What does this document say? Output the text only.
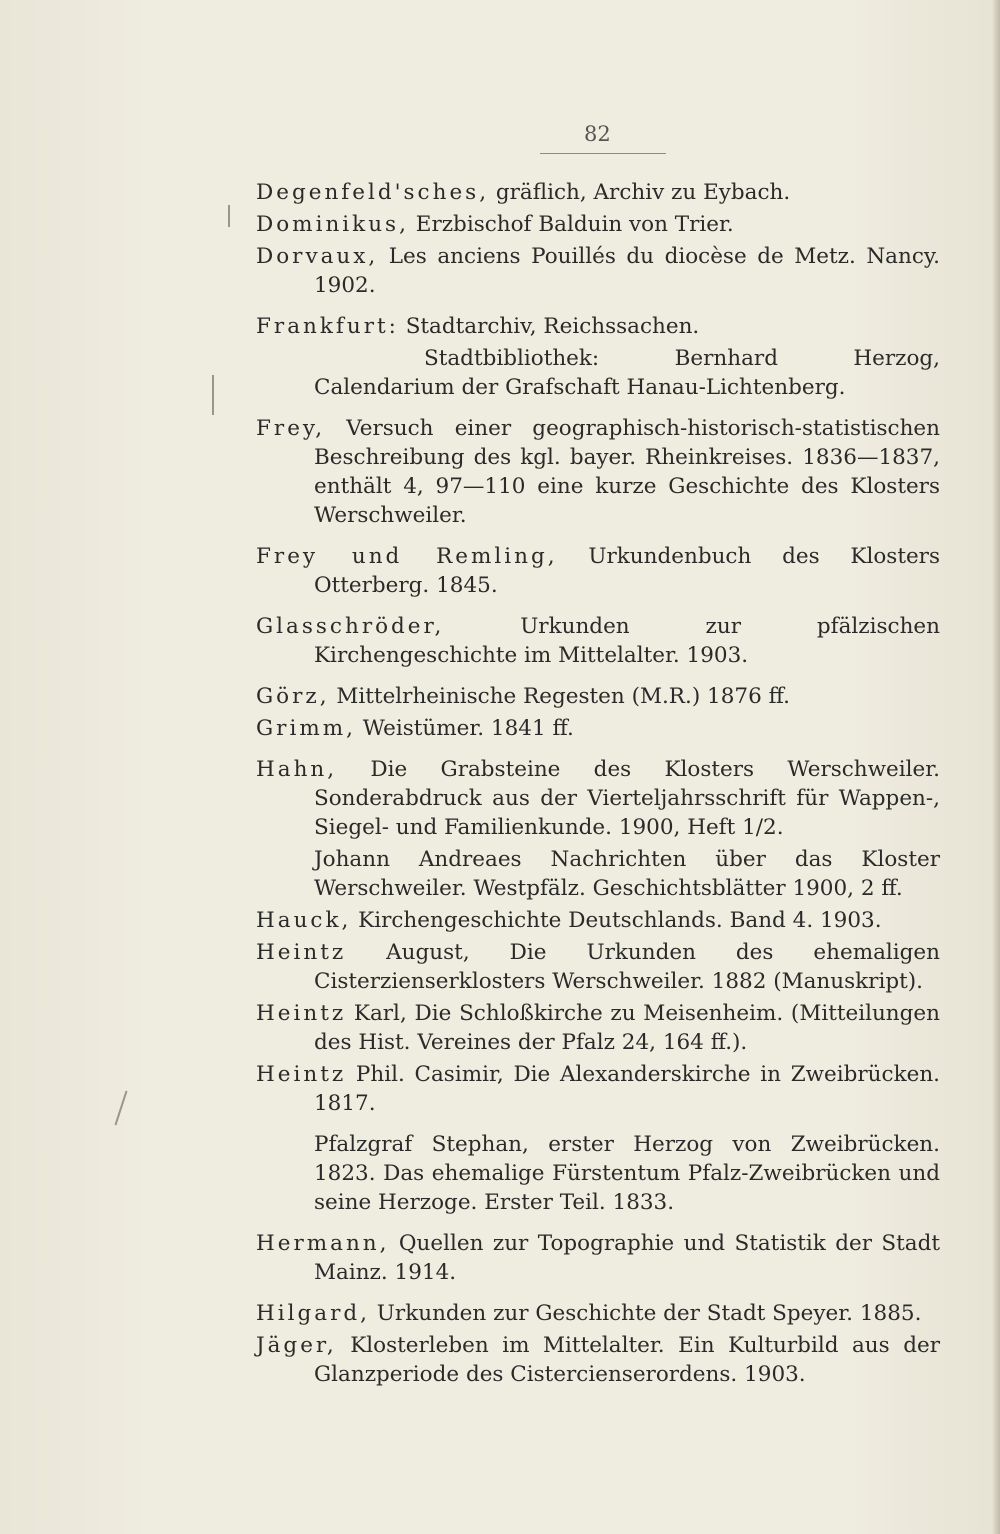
82

Degenfeld'sches, gräflich, Archiv zu Eybach.

Dominikus, Erzbischof Balduin von Trier.

Dorvaux, Les anciens Pouillés du diocèse de Metz. Nancy. 1902.

Frankfurt: Stadtarchiv, Reichssachen.

Stadtbibliothek: Bernhard Herzog, Calendarium der Grafschaft Hanau-Lichtenberg.

Frey, Versuch einer geographisch-historisch-statistischen Beschreibung des kgl. bayer. Rheinkreises. 1836—1837, enthält 4, 97—110 eine kurze Geschichte des Klosters Werschweiler.

Frey und Remling, Urkundenbuch des Klosters Otterberg. 1845.

Glasschröder, Urkunden zur pfälzischen Kirchengeschichte im Mittelalter. 1903.

Görz, Mittelrheinische Regesten (M.R.) 1876 ff.

Grimm, Weistümer. 1841 ff.

Hahn, Die Grabsteine des Klosters Werschweiler. Sonderabdruck aus der Vierteljahrsschrift für Wappen-, Siegel- und Familienkunde. 1900, Heft 1/2.

Johann Andreaes Nachrichten über das Kloster Werschweiler. Westpfälz. Geschichtsblätter 1900, 2 ff.

Hauck, Kirchengeschichte Deutschlands. Band 4. 1903.

Heintz August, Die Urkunden des ehemaligen Cisterzienserklosters Werschweiler. 1882 (Manuskript).

Heintz Karl, Die Schloßkirche zu Meisenheim. (Mitteilungen des Hist. Vereines der Pfalz 24, 164 ff.).

Heintz Phil. Casimir, Die Alexanderskirche in Zweibrücken. 1817.

Pfalzgraf Stephan, erster Herzog von Zweibrücken. 1823. Das ehemalige Fürstentum Pfalz-Zweibrücken und seine Herzoge. Erster Teil. 1833.

Hermann, Quellen zur Topographie und Statistik der Stadt Mainz. 1914.

Hilgard, Urkunden zur Geschichte der Stadt Speyer. 1885.

Jäger, Klosterleben im Mittelalter. Ein Kulturbild aus der Glanzperiode des Cistercienserordens. 1903.
